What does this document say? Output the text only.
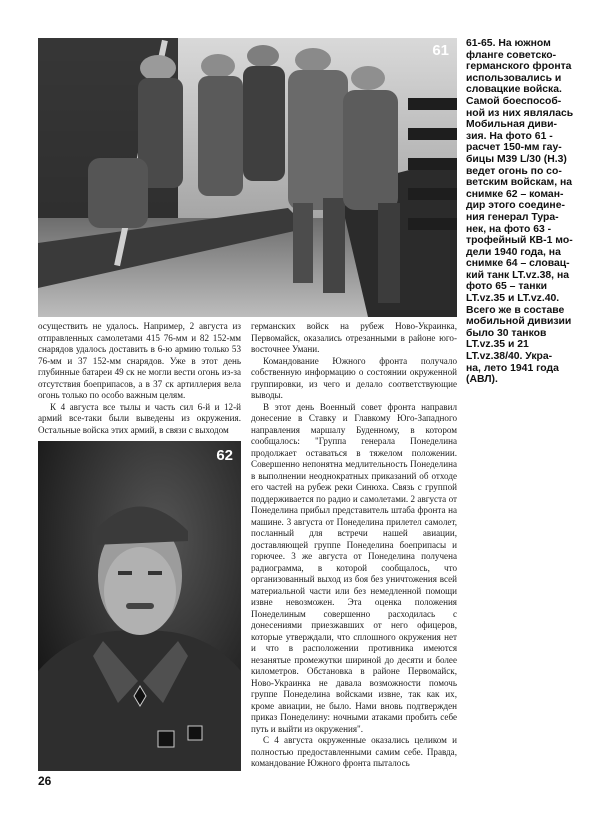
61 61-65. На южном
фланге советско-
германского фронта
использовались и
словацкие войска.
Самой боеспособ-
ной из них являлась
Мобильная диви-
зия. На фото 61 -
расчет 150-мм гау-
бицы M39 L/30 (H.3)
ведет огонь по со-
ветским войскам, на
снимке 62 – коман-
дир этого соедине-
ния генерал Тура-
нек, на фото 63 -
трофейный КВ-1 мо-
дели 1940 года, на
снимке 64 – словац-
кий танк LT.vz.38, на
фото 65 – танки
LT.vz.35 и LT.vz.40.
Всего же в составе
мобильной дивизии
было 30 танков
LT.vz.35 и 21
LT.vz.38/40. Укра-
на, лето 1941 года
(АВЛ).

осуществить не удалось. Например, 2 августа из отправленных самолетами 415 76-мм и 82 152-мм снарядов удалось доставить в 6-ю армию только 53 76-мм и 37 152-мм снарядов. Уже в этот день глубинные батареи 49 ск не могли вести огонь из-за отсутствия боеприпасов, а в 37 ск артиллерия вела огонь только по особо важным целям.

К 4 августа все тылы и часть сил 6-й и 12-й армий все-таки были выведены из окружения. Остальные войска этих армий, в связи с выходом

62

германских войск на рубеж Ново-Украинка, Первомайск, оказались отрезанными в районе юго-восточнее Умани.

Командование Южного фронта получало собственную информацию о состоянии окруженной группировки, из чего и делало соответствующие выводы.

В этот день Военный совет фронта направил донесение в Ставку и Главкому Юго-Западного направления маршалу Буденному, в котором сообщалось: "Группа генерала Понеделина продолжает оставаться в тяжелом положении. Совершенно непонятна медлительность Понеделина в выполнении неоднократных приказаний об отходе его частей на рубеж реки Синюха. Связь с группой поддерживается по радио и самолетами. 2 августа от Понеделина прибыл представитель штаба фронта на машине. 3 августа от Понеделина прилетел самолет, посланный для встречи нашей авиации, доставляющей группе Понеделина боеприпасы и горючее. 3 же августа от Понеделина получена радиограмма, в которой сообщалось, что организованный выход из боя без уничтожения всей материальной части или без немедленной помощи извне невозможен. Эта оценка положения Понеделиным совершенно расходилась с донесениями приезжавших от него офицеров, которые утверждали, что сплошного окружения нет и что в расположении противника имеются незанятые промежутки шириной до десяти и более километров. Обстановка в районе Первомайск, Ново-Украинка не давала возможности помочь группе Понеделина войсками извне, так как их, кроме авиации, не было. Нами вновь подтвержден приказ Понеделину: ночными атаками пробить себе путь и выйти из окружения".

С 4 августа окруженные оказались целиком и полностью предоставленными самим себе. Правда, командование Южного фронта пыталось

26
